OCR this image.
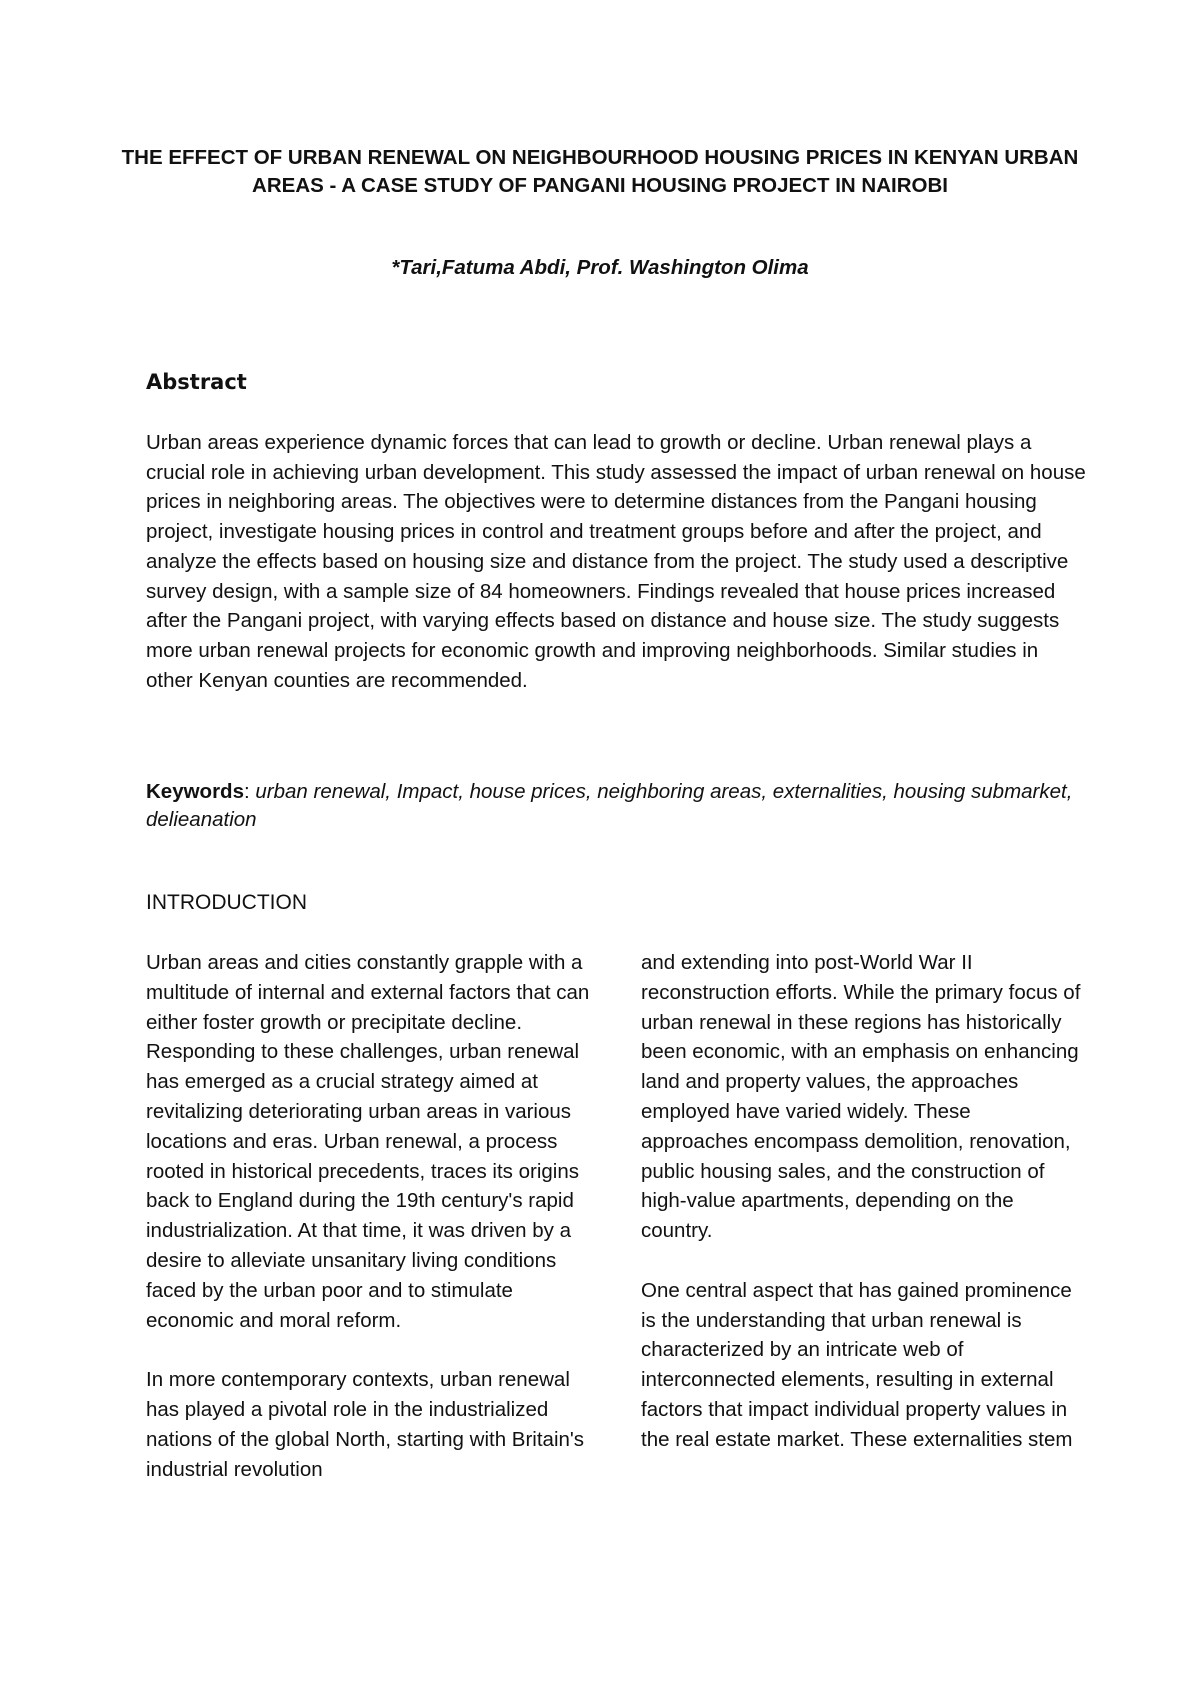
THE EFFECT OF URBAN RENEWAL ON NEIGHBOURHOOD HOUSING PRICES IN KENYAN URBAN AREAS - A CASE STUDY OF PANGANI HOUSING PROJECT IN NAIROBI

*Tari,Fatuma Abdi, Prof. Washington Olima

Abstract

Urban areas experience dynamic forces that can lead to growth or decline. Urban renewal plays a crucial role in achieving urban development. This study assessed the impact of urban renewal on house prices in neighboring areas. The objectives were to determine distances from the Pangani housing project, investigate housing prices in control and treatment groups before and after the project, and analyze the effects based on housing size and distance from the project. The study used a descriptive survey design, with a sample size of 84 homeowners. Findings revealed that house prices increased after the Pangani project, with varying effects based on distance and house size. The study suggests more urban renewal projects for economic growth and improving neighborhoods. Similar studies in other Kenyan counties are recommended.

Keywords: urban renewal, Impact, house prices, neighboring areas, externalities, housing submarket, delieanation

INTRODUCTION

Urban areas and cities constantly grapple with a multitude of internal and external factors that can either foster growth or precipitate decline. Responding to these challenges, urban renewal has emerged as a crucial strategy aimed at revitalizing deteriorating urban areas in various locations and eras. Urban renewal, a process rooted in historical precedents, traces its origins back to England during the 19th century's rapid industrialization. At that time, it was driven by a desire to alleviate unsanitary living conditions faced by the urban poor and to stimulate economic and moral reform.

In more contemporary contexts, urban renewal has played a pivotal role in the industrialized nations of the global North, starting with Britain's industrial revolution

and extending into post-World War II reconstruction efforts. While the primary focus of urban renewal in these regions has historically been economic, with an emphasis on enhancing land and property values, the approaches employed have varied widely. These approaches encompass demolition, renovation, public housing sales, and the construction of high-value apartments, depending on the country.

One central aspect that has gained prominence is the understanding that urban renewal is characterized by an intricate web of interconnected elements, resulting in external factors that impact individual property values in the real estate market. These externalities stem
